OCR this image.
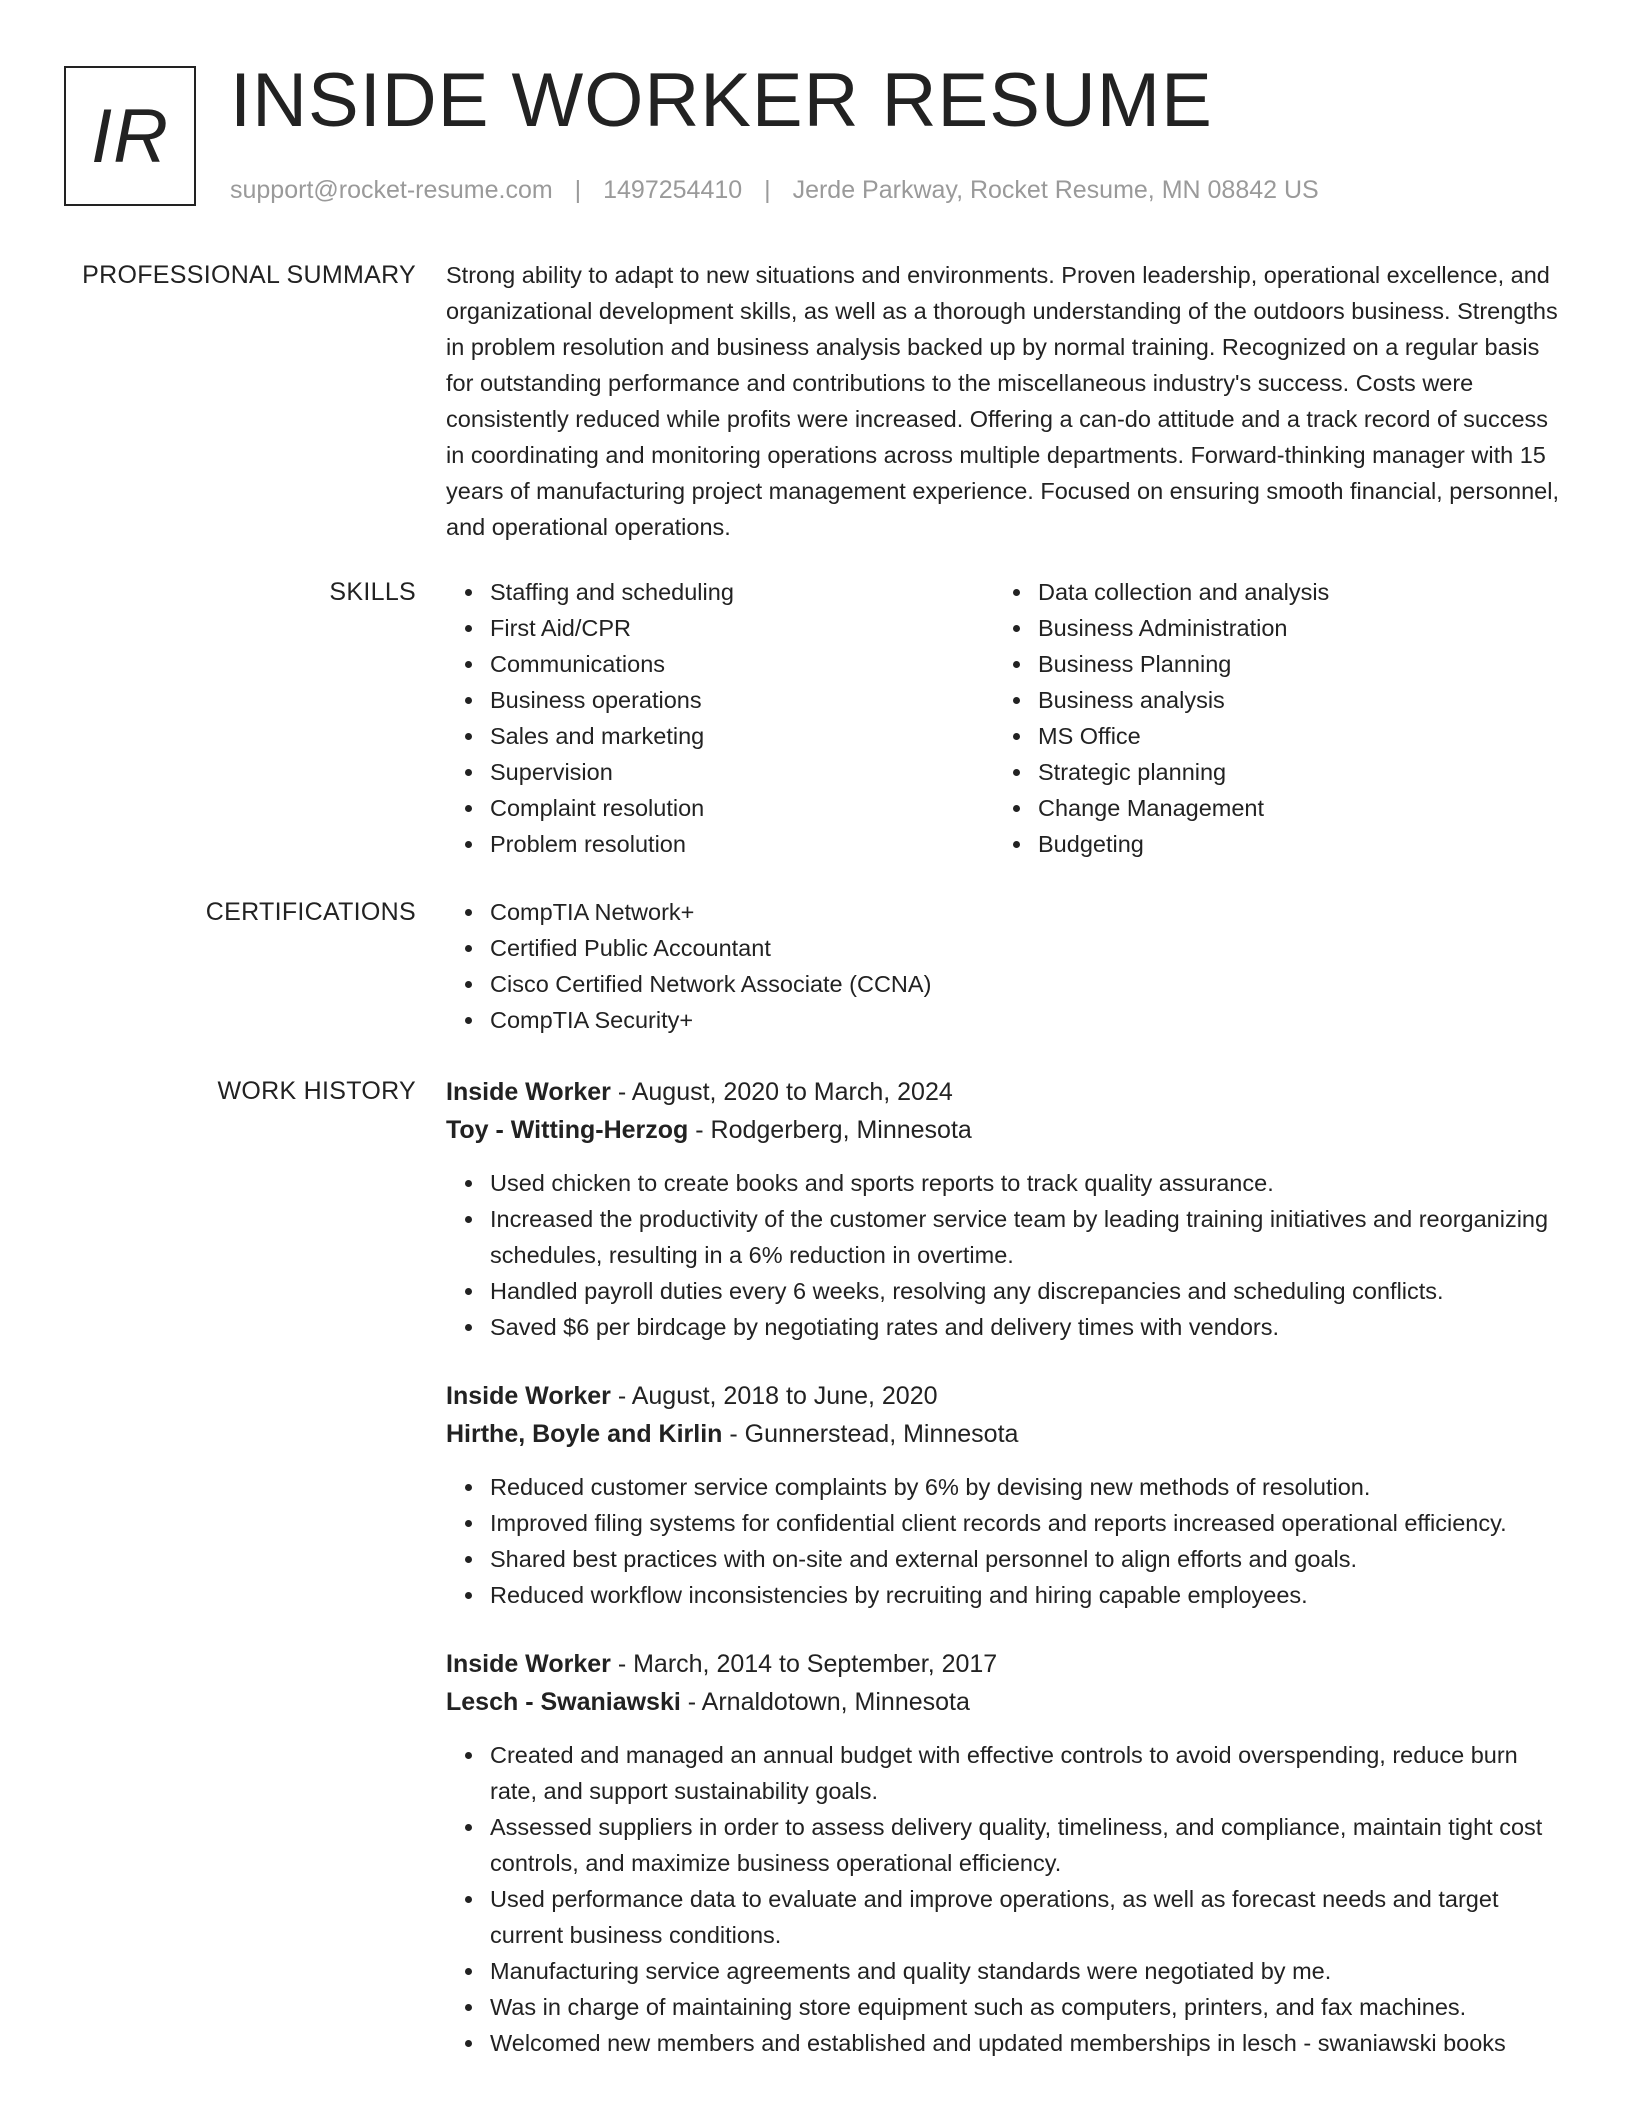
IR INSIDE WORKER RESUME
support@rocket-resume.com | 1497254410 | Jerde Parkway, Rocket Resume, MN 08842 US
PROFESSIONAL SUMMARY Strong ability to adapt to new situations and environments. Proven leadership, operational excellence, and organizational development skills, as well as a thorough understanding of the outdoors business. Strengths in problem resolution and business analysis backed up by normal training. Recognized on a regular basis for outstanding performance and contributions to the miscellaneous industry's success. Costs were consistently reduced while profits were increased. Offering a can-do attitude and a track record of success in coordinating and monitoring operations across multiple departments. Forward-thinking manager with 15 years of manufacturing project management experience. Focused on ensuring smooth financial, personnel, and operational operations.

SKILLS	Staffing and scheduling
First Aid/CPR
Communications
Business operations
Sales and marketing
Supervision
Complaint resolution
Problem resolution
Data collection and analysis
Business Administration
Business Planning
Business analysis
MS Office
Strategic planning
Change Management
Budgeting
CERTIFICATIONS	CompTIA Network+
Certified Public Accountant
Cisco Certified Network Associate (CCNA)
CompTIA Security+
WORK HISTORY Inside Worker - August, 2020 to March, 2024
Toy - Witting-Herzog - Rodgerberg, Minnesota
Used chicken to create books and sports reports to track quality assurance.
Increased the productivity of the customer service team by leading training initiatives and reorganizing schedules, resulting in a 6% reduction in overtime.
Handled payroll duties every 6 weeks, resolving any discrepancies and scheduling conflicts.
Saved $6 per birdcage by negotiating rates and delivery times with vendors.
Inside Worker - August, 2018 to June, 2020
Hirthe, Boyle and Kirlin - Gunnerstead, Minnesota
Reduced customer service complaints by 6% by devising new methods of resolution.
Improved filing systems for confidential client records and reports increased operational efficiency.
Shared best practices with on-site and external personnel to align efforts and goals.
Reduced workflow inconsistencies by recruiting and hiring capable employees.
Inside Worker - March, 2014 to September, 2017
Lesch - Swaniawski - Arnaldotown, Minnesota
Created and managed an annual budget with effective controls to avoid overspending, reduce burn rate, and support sustainability goals.
Assessed suppliers in order to assess delivery quality, timeliness, and compliance, maintain tight cost controls, and maximize business operational efficiency.
Used performance data to evaluate and improve operations, as well as forecast needs and target current business conditions.
Manufacturing service agreements and quality standards were negotiated by me.
Was in charge of maintaining store equipment such as computers, printers, and fax machines.
Welcomed new members and established and updated memberships in lesch - swaniawski books
